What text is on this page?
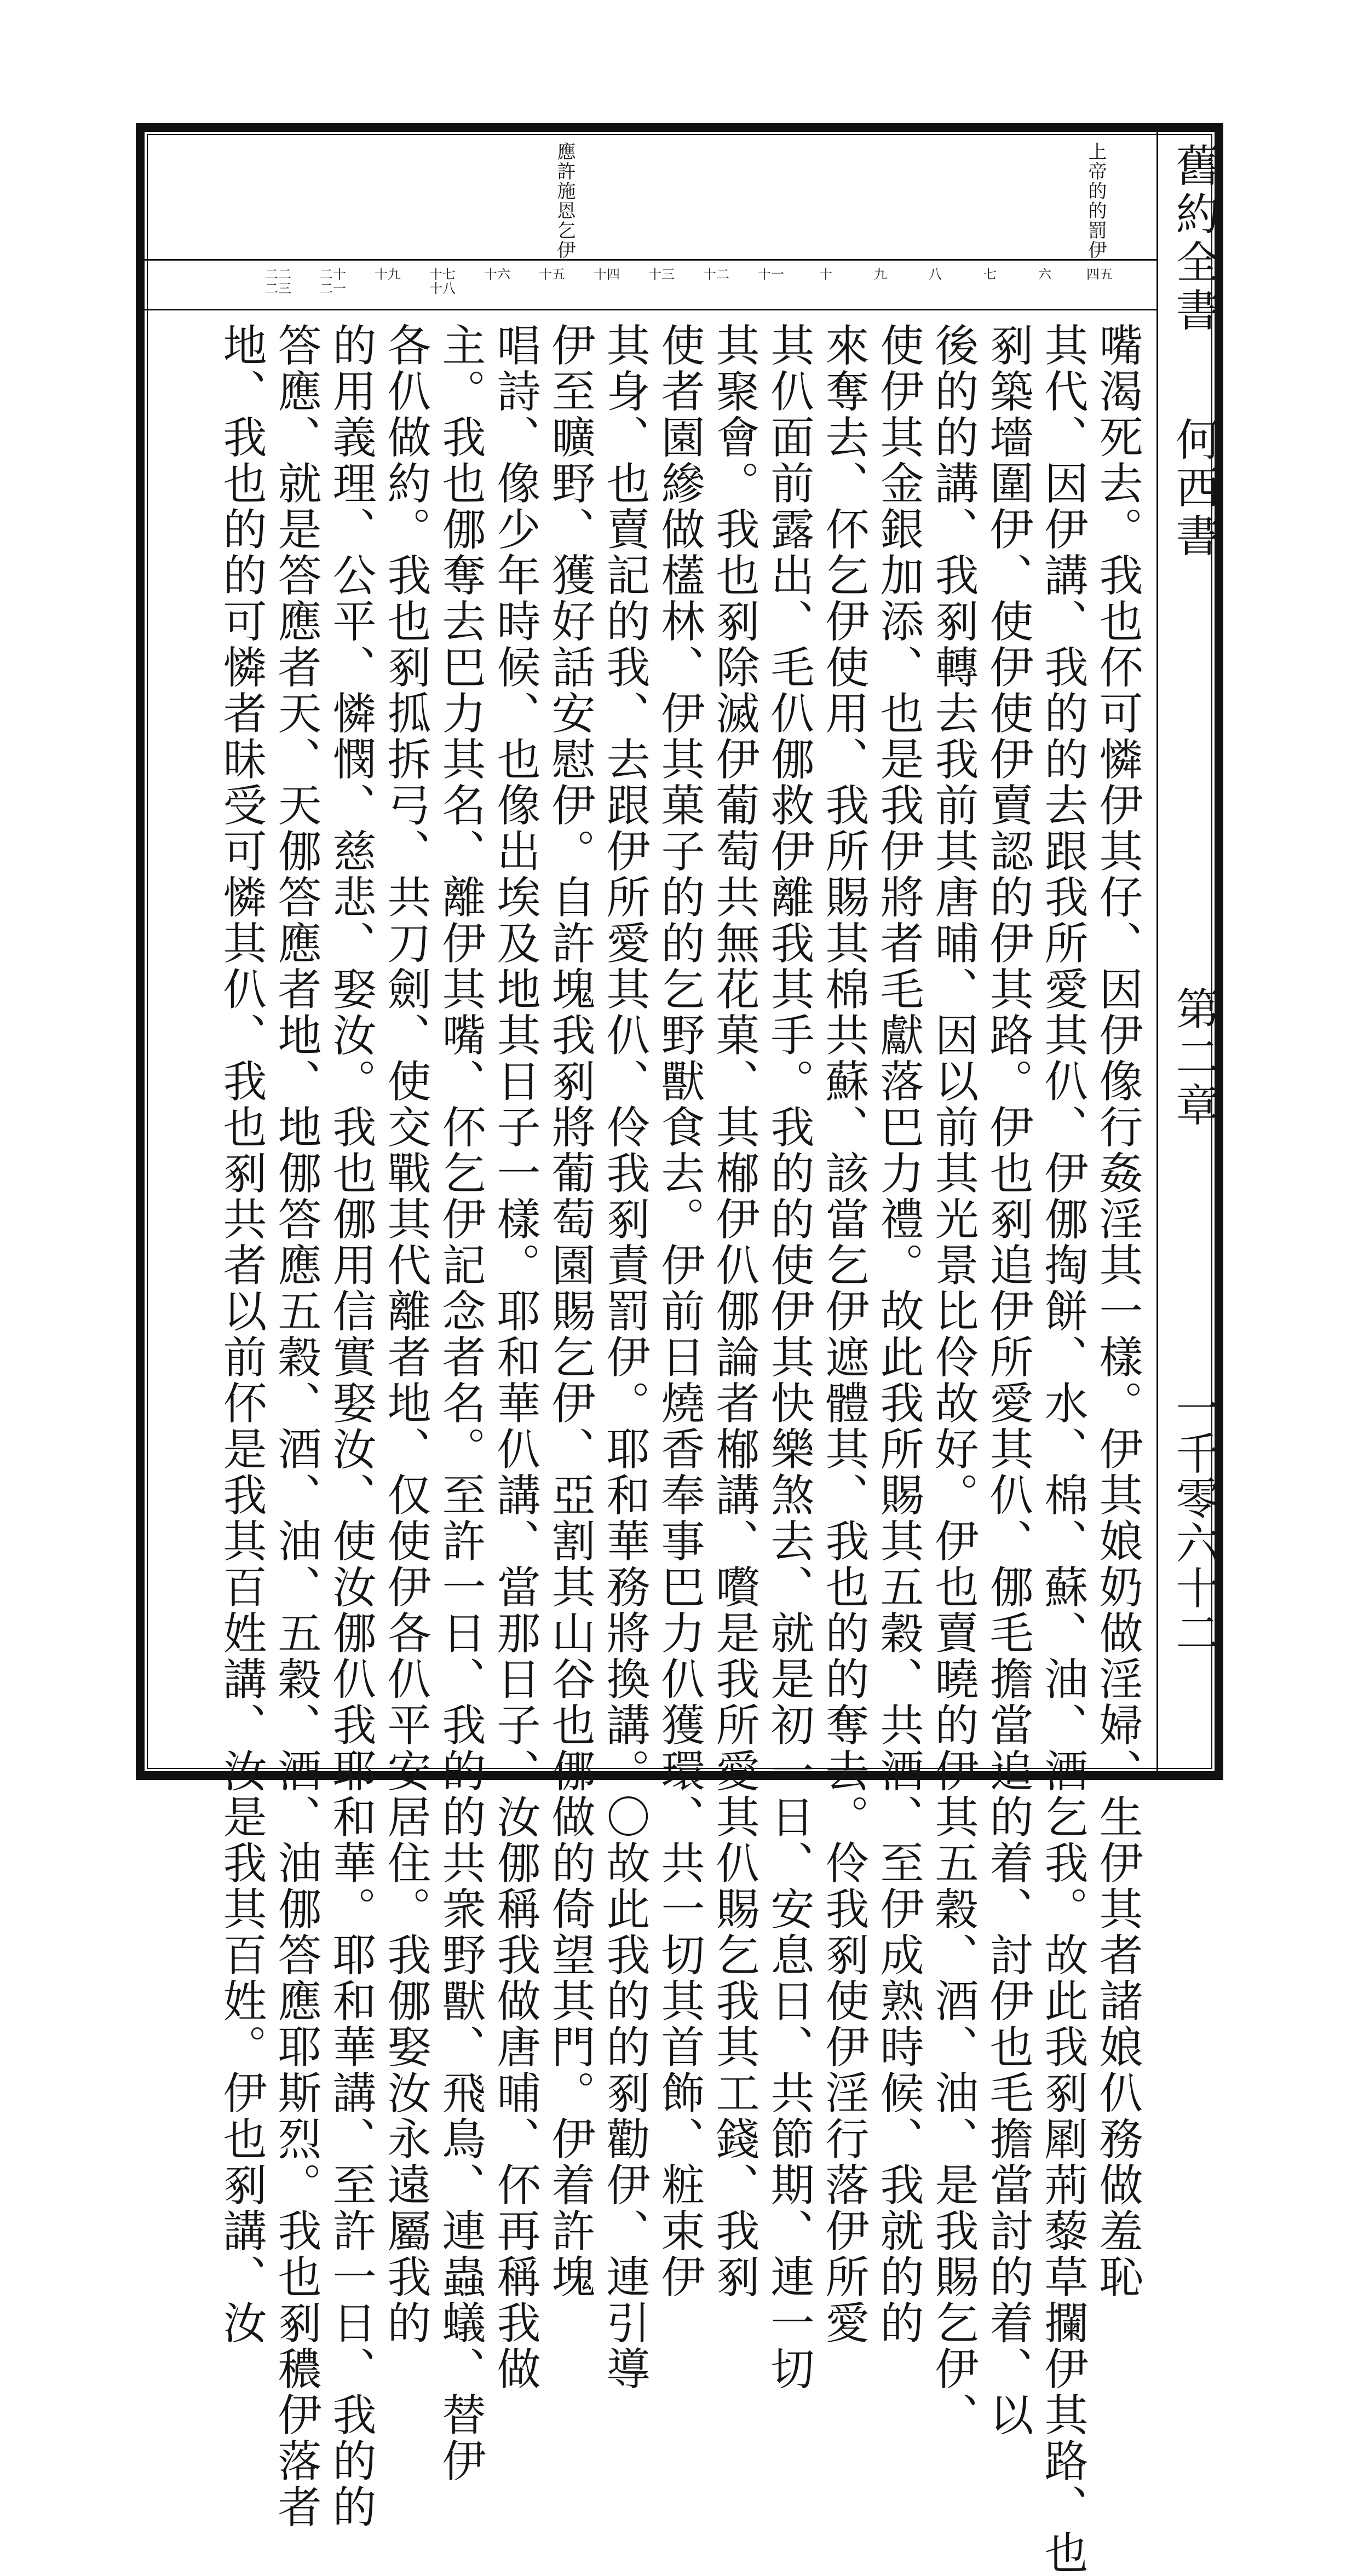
舊約全書
何西書
第二章
一千零六十二
上帝的的罰伊
應許施恩乞伊
四五
六
七
八
九
十
十一
十二
十三
十四
十五
十六
十七十八
十九
二十二一
二二二三
嘴渴死去。我也伓可憐伊其仔、因伊像行姦淫其一樣。伊其娘奶做淫婦、生伊其者諸娘仈務做羞恥
其代、因伊講、我的的去跟我所愛其仈、伊㑚掏餅、水、棉、蘇、油、酒乞我。故此我剢㓾荊藜草攔伊其路、也
剢築墻圍伊、使伊使伊賣認的伊其路。伊也剢追伊所愛其仈、㑚毛擔當追的着、討伊也毛擔當討的着、以
後的的講、我剢轉去我前其唐晡、因以前其光景比伶故好。伊也賣曉的伊其五穀、酒、油、是我賜乞伊、
使伊其金銀加添、也是我伊將者毛獻落巴力禮。故此我所賜其五穀、共酒、至伊成熟時候、我就的的
來奪去、伓乞伊使用、我所賜其棉共蘇、該當乞伊遮體其、我也的的奪去。伶我剢使伊淫行落伊所愛
其仈面前露出、毛仈㑚救伊離我其手。我的的使伊其快樂煞去、就是初一日、安息日、共節期、連一切
其聚會。我也剢除滅伊葡萄共無花菓、其㮋伊仈㑚論者㮋講、嚽是我所愛其仈賜乞我其工錢、我剢
使者園縿做㯼林、伊其菓子的的乞野獸食去。伊前日燒香奉事巴力仈獲環、共一切其首飾、粧束伊
其身、也賣記的我、去跟伊所愛其仈、伶我剢責罰伊。耶和華務將換講。〇故此我的的剢勸伊、連引導
伊至曠野、獲好話安慰伊。自許塊我剢將葡萄園賜乞伊、亞割其山谷也㑚做的倚望其門。伊着許塊
唱詩、像少年時候、也像出埃及地其日子一樣。耶和華仈講、當那日子、汝㑚稱我做唐晡、伓再稱我做
主。我也㑚奪去巴力其名、離伊其嘴、伓乞伊記念者名。至許一日、我的的共衆野獸、飛鳥、連蟲蟻、替伊
各仈做約。我也剢㧓拆弓、共刀劍、使交戰其代離者地、仅使伊各仈平安居住。我㑚娶汝永遠屬我的
的用義理、公平、憐憫、慈悲、娶汝。我也㑚用信實娶汝、使汝㑚仈我耶和華。耶和華講、至許一日、我的的
答應、就是答應者天、天㑚答應者地、地㑚答應五穀、酒、油、五穀、酒、油㑚答應耶斯烈。我也剢穠伊落者
地、我也的的可憐者昧受可憐其仈、我也剢共者以前伓是我其百姓講、汝是我其百姓。伊也剢講、汝
